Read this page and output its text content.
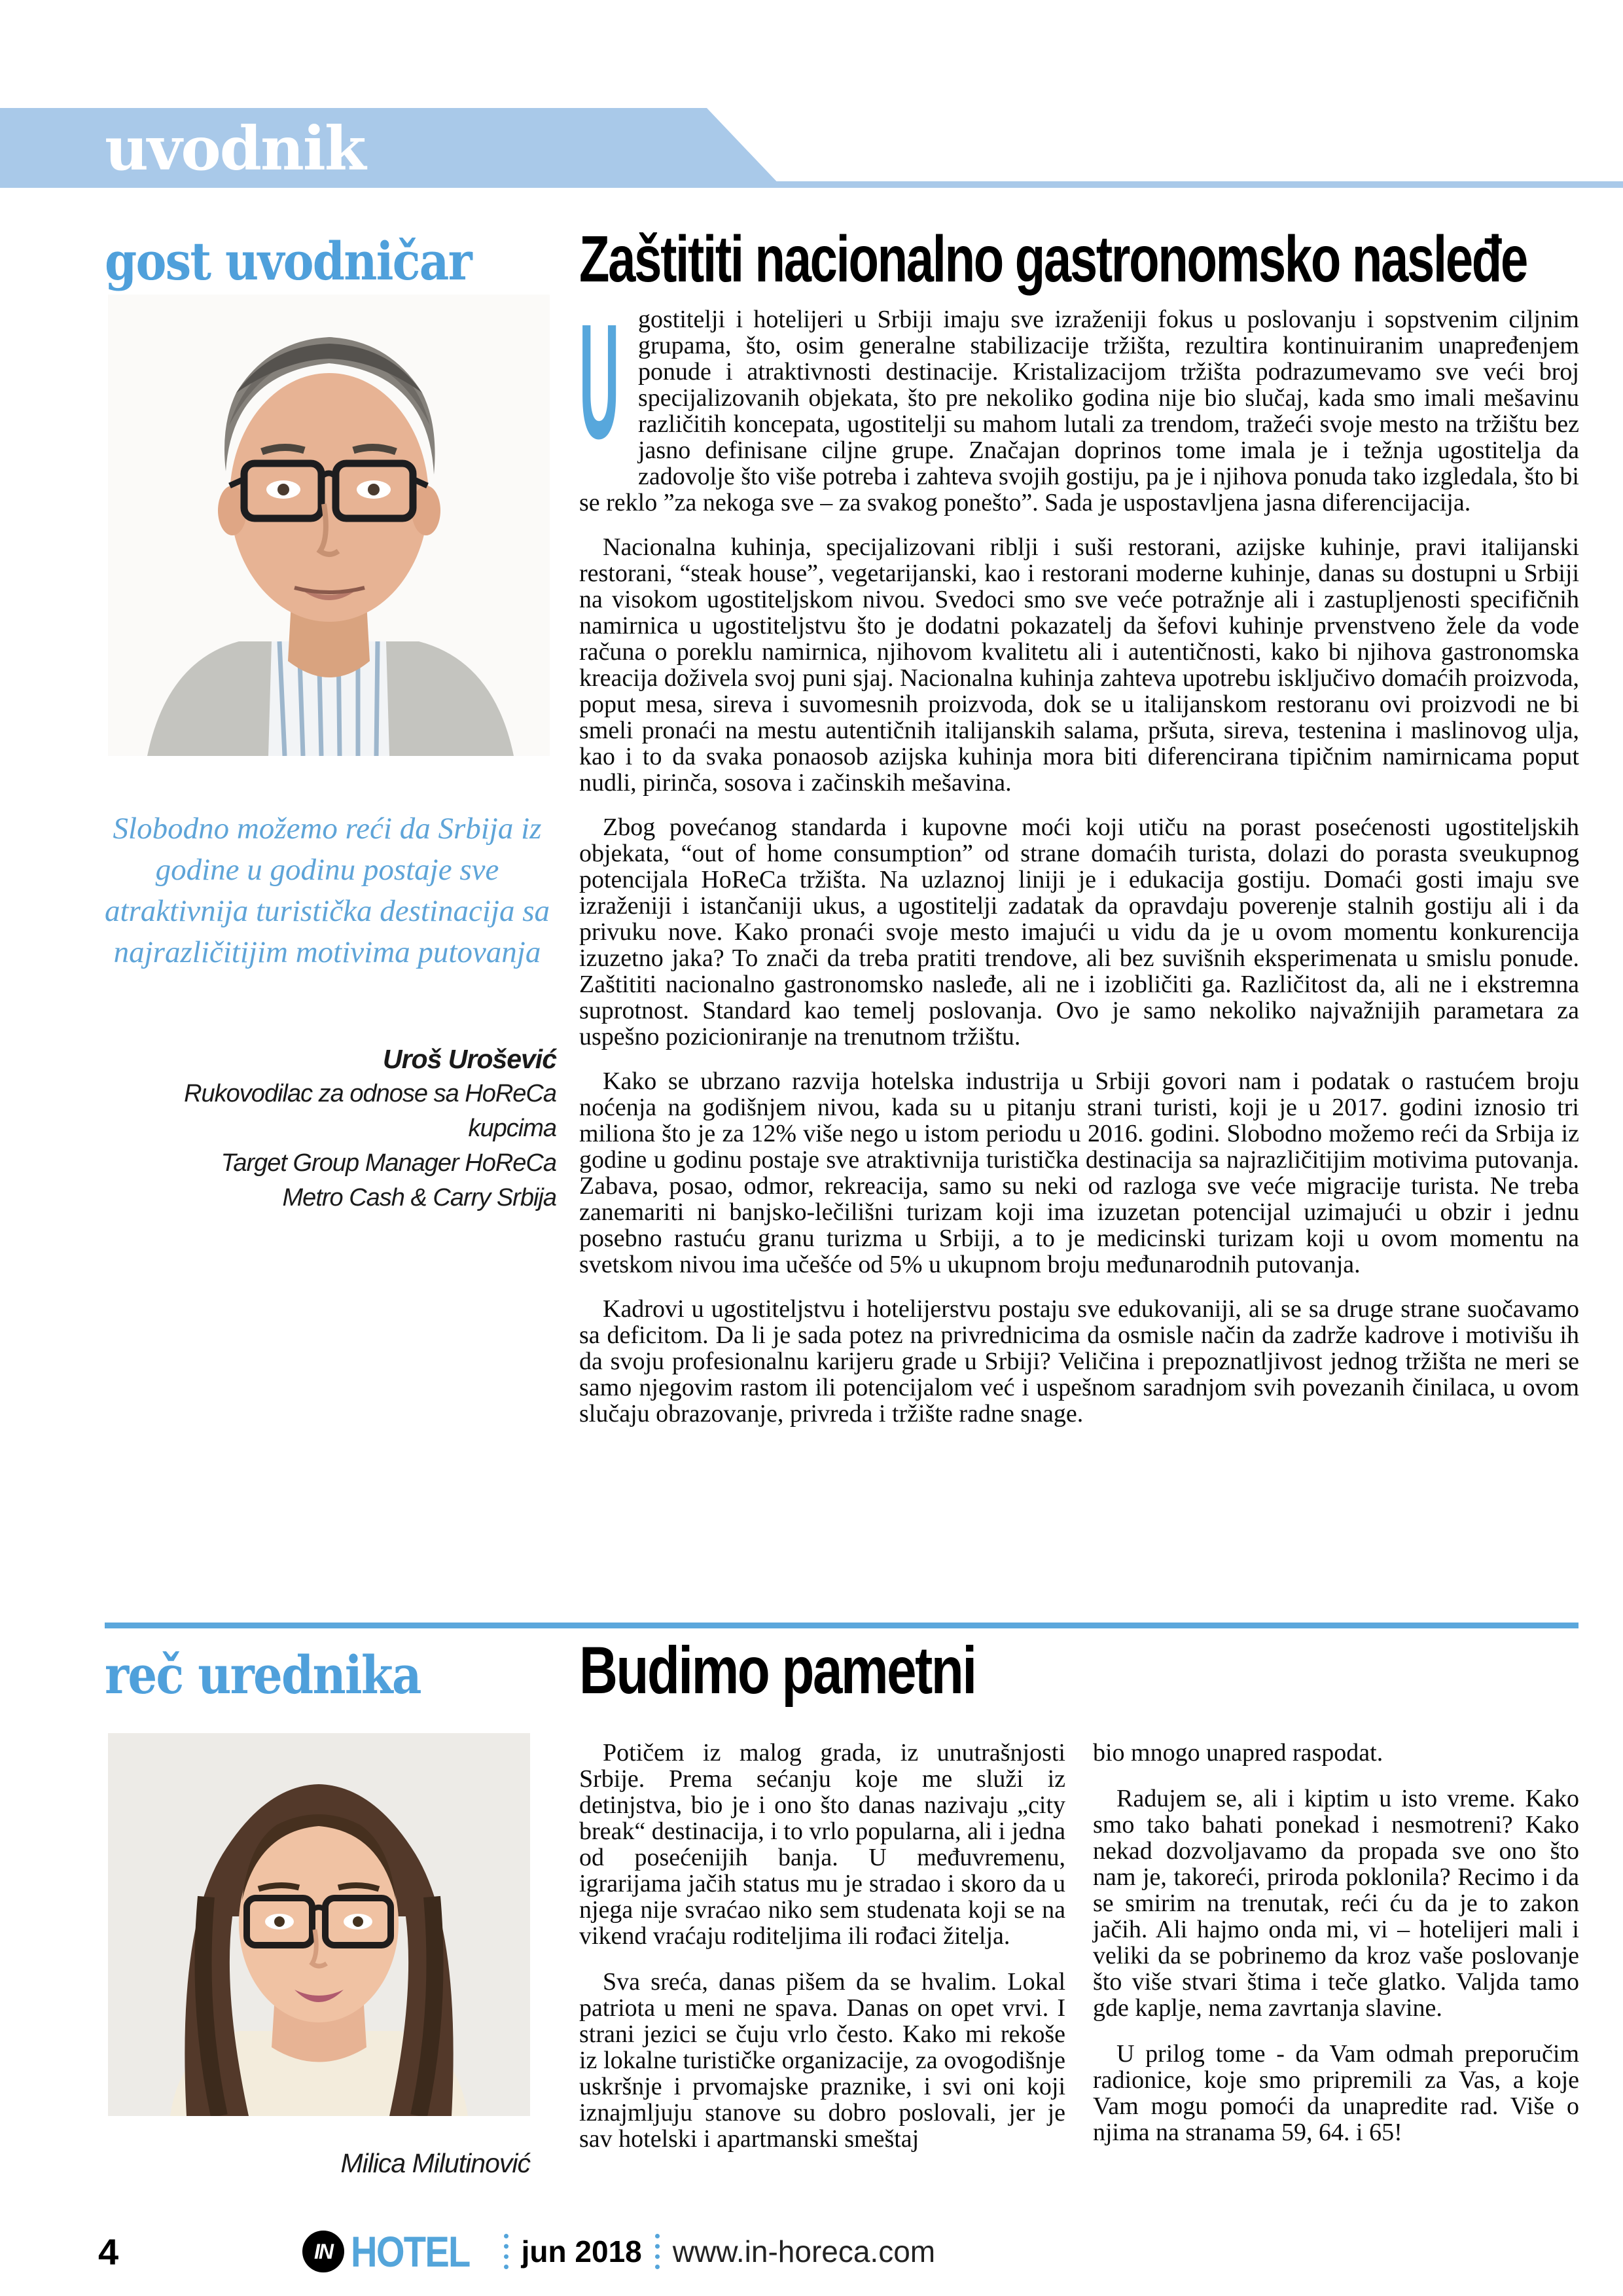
uvodnik
gost uvodničar
Slobodno možemo reći da Srbija iz godine u godinu postaje sve atraktivnija turistička destinacija sa najrazličitijim motivima putovanja
Uroš Urošević
Rukovodilac za odnose sa HoReCa kupcima
Target Group Manager HoReCa
Metro Cash & Carry Srbija
Zaštititi nacionalno gastronomsko nasleđe

U gostitelji i hotelijeri u Srbiji imaju sve izraženiji fokus u poslovanju i sopstvenim ciljnim grupama, što, osim generalne stabilizacije tržišta, rezultira kontinuiranim unapređenjem ponude i atraktivnosti destinacije. Kristalizacijom tržišta podrazumevamo sve veći broj specijalizovanih objekata, što pre nekoliko godina nije bio slučaj, kada smo imali mešavinu različitih koncepata, ugostitelji su mahom lutali za trendom, tražeći svoje mesto na tržištu bez jasno definisane ciljne grupe. Značajan doprinos tome imala je i težnja ugostitelja da zadovolje što više potreba i zahteva svojih gostiju, pa je i njihova ponuda tako izgledala, što bi se reklo ”za nekoga sve – za svakog ponešto”. Sada je uspostavljena jasna diferencijacija.

Nacionalna kuhinja, specijalizovani riblji i suši restorani, azijske kuhinje, pravi italijanski restorani, “steak house”, vegetarijanski, kao i restorani moderne kuhinje, danas su dostupni u Srbiji na visokom ugostiteljskom nivou. Svedoci smo sve veće potražnje ali i zastupljenosti specifičnih namirnica u ugostiteljstvu što je dodatni pokazatelj da šefovi kuhinje prvenstveno žele da vode računa o poreklu namirnica, njihovom kvalitetu ali i autentičnosti, kako bi njihova gastronomska kreacija doživela svoj puni sjaj. Nacionalna kuhinja zahteva upotrebu isključivo domaćih proizvoda, poput mesa, sireva i suvomesnih proizvoda, dok se u italijanskom restoranu ovi proizvodi ne bi smeli pronaći na mestu autentičnih italijanskih salama, pršuta, sireva, testenina i maslinovog ulja, kao i to da svaka ponaosob azijska kuhinja mora biti diferencirana tipičnim namirnicama poput nudli, pirinča, sosova i začinskih mešavina.

Zbog povećanog standarda i kupovne moći koji utiču na porast posećenosti ugostiteljskih objekata, “out of home consumption” od strane domaćih turista, dolazi do porasta sveukupnog potencijala HoReCa tržišta. Na uzlaznoj liniji je i edukacija gostiju. Domaći gosti imaju sve izraženiji i istančaniji ukus, a ugostitelji zadatak da opravdaju poverenje stalnih gostiju ali i da privuku nove. Kako pronaći svoje mesto imajući u vidu da je u ovom momentu konkurencija izuzetno jaka? To znači da treba pratiti trendove, ali bez suvišnih eksperimenata u smislu ponude. Zaštititi nacionalno gastronomsko nasleđe, ali ne i izobličiti ga. Različitost da, ali ne i ekstremna suprotnost. Standard kao temelj poslovanja. Ovo je samo nekoliko najvažnijih parametara za uspešno pozicioniranje na trenutnom tržištu.

Kako se ubrzano razvija hotelska industrija u Srbiji govori nam i podatak o rastućem broju noćenja na godišnjem nivou, kada su u pitanju strani turisti, koji je u 2017. godini iznosio tri miliona što je za 12% više nego u istom periodu u 2016. godini. Slobodno možemo reći da Srbija iz godine u godinu postaje sve atraktivnija turistička destinacija sa najrazličitijim motivima putovanja. Zabava, posao, odmor, rekreacija, samo su neki od razloga sve veće migracije turista. Ne treba zanemariti ni banjsko-lečilišni turizam koji ima izuzetan potencijal uzimajući u obzir i jednu posebno rastuću granu turizma u Srbiji, a to je medicinski turizam koji u ovom momentu na svetskom nivou ima učešće od 5% u ukupnom broju međunarodnih putovanja.

Kadrovi u ugostiteljstvu i hotelijerstvu postaju sve edukovaniji, ali se sa druge strane suočavamo sa deficitom. Da li je sada potez na privrednicima da osmisle način da zadrže kadrove i motivišu ih da svoju profesionalnu karijeru grade u Srbiji? Veličina i prepoznatljivost jednog tržišta ne meri se samo njegovim rastom ili potencijalom već i uspešnom saradnjom svih povezanih činilaca, u ovom slučaju obrazovanje, privreda i tržište radne snage.

reč urednika
Milica Milutinović
Budimo pametni

Potičem iz malog grada, iz unutrašnjosti Srbije. Prema sećanju koje me služi iz detinjstva, bio je i ono što danas nazivaju „city break“ destinacija, i to vrlo popularna, ali i jedna od posećenijih banja. U međuvremenu, igrarijama jačih status mu je stradao i skoro da u njega nije svraćao niko sem studenata koji se na vikend vraćaju roditeljima ili rođaci žitelja.

Sva sreća, danas pišem da se hvalim. Lokal patriota u meni ne spava. Danas on opet vrvi. I strani jezici se čuju vrlo često. Kako mi rekoše iz lokalne turističke organizacije, za ovogodišnje uskršnje i prvomajske praznike, i svi oni koji iznajmljuju stanove su dobro poslovali, jer je sav hotelski i apartmanski smeštaj

bio mnogo unapred raspodat.

Radujem se, ali i kiptim u isto vreme. Kako smo tako bahati ponekad i nesmotreni? Kako nekad dozvoljavamo da propada sve ono što nam je, takoreći, priroda poklonila? Recimo i da se smirim na trenutak, reći ću da je to zakon jačih. Ali hajmo onda mi, vi – hotelijeri mali i veliki da se pobrinemo da kroz vaše poslovanje što više stvari štima i teče glatko. Valjda tamo gde kaplje, nema zavrtanja slavine.

U prilog tome - da Vam odmah preporučim radionice, koje smo pripremili za Vas, a koje Vam mogu pomoći da unapredite rad. Više o njima na stranama 59, 64. i 65!

4	IN HOTEL jun 2018 www.in-horeca.com
